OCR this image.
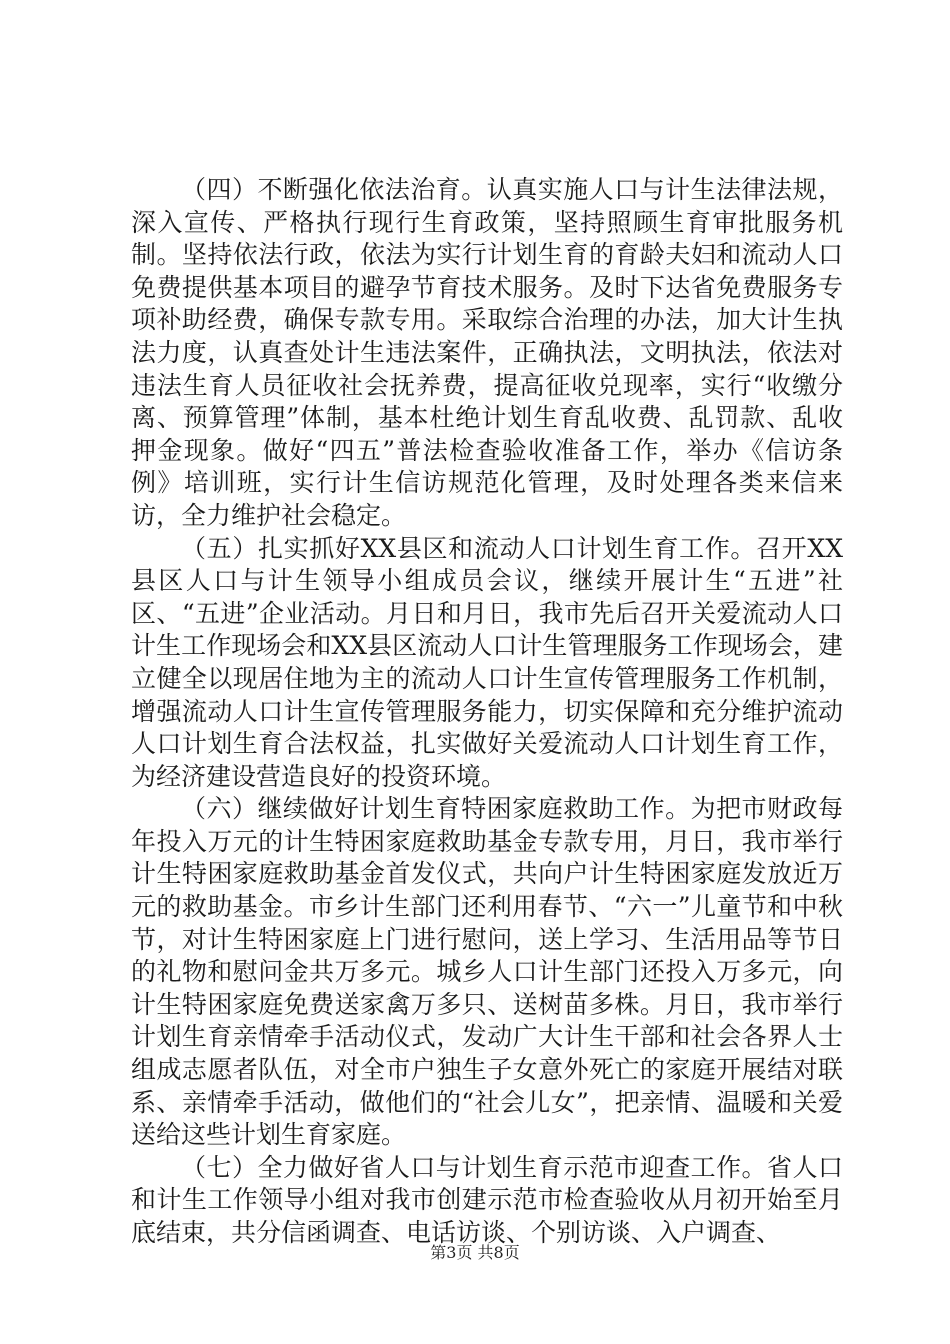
（四）不断强化依法治育。认真实施人口与计生法律法规，深入宣传、严格执行现行生育政策，坚持照顾生育审批服务机制。坚持依法行政，依法为实行计划生育的育龄夫妇和流动人口免费提供基本项目的避孕节育技术服务。及时下达省免费服务专项补助经费，确保专款专用。采取综合治理的办法，加大计生执法力度，认真查处计生违法案件，正确执法，文明执法，依法对违法生育人员征收社会抚养费，提高征收兑现率，实行“收缴分离、预算管理”体制，基本杜绝计划生育乱收费、乱罚款、乱收押金现象。做好“四五”普法检查验收准备工作，举办《信访条例》培训班，实行计生信访规范化管理，及时处理各类来信来访，全力维护社会稳定。

（五）扎实抓好XX县区和流动人口计划生育工作。召开XX县区人口与计生领导小组成员会议，继续开展计生“五进”社区、“五进”企业活动。月日和月日，我市先后召开关爱流动人口计生工作现场会和XX县区流动人口计生管理服务工作现场会，建立健全以现居住地为主的流动人口计生宣传管理服务工作机制，增强流动人口计生宣传管理服务能力，切实保障和充分维护流动人口计划生育合法权益，扎实做好关爱流动人口计划生育工作，为经济建设营造良好的投资环境。

（六）继续做好计划生育特困家庭救助工作。为把市财政每年投入万元的计生特困家庭救助基金专款专用，月日，我市举行计生特困家庭救助基金首发仪式，共向户计生特困家庭发放近万元的救助基金。市乡计生部门还利用春节、“六一”儿童节和中秋节，对计生特困家庭上门进行慰问，送上学习、生活用品等节日的礼物和慰问金共万多元。城乡人口计生部门还投入万多元，向计生特困家庭免费送家禽万多只、送树苗多株。月日，我市举行计划生育亲情牵手活动仪式，发动广大计生干部和社会各界人士组成志愿者队伍，对全市户独生子女意外死亡的家庭开展结对联系、亲情牵手活动，做他们的“社会儿女”，把亲情、温暖和关爱送给这些计划生育家庭。

（七）全力做好省人口与计划生育示范市迎查工作。省人口和计生工作领导小组对我市创建示范市检查验收从月初开始至月底结束，共分信函调查、电话访谈、个别访谈、入户调查、

第3页 共8页
